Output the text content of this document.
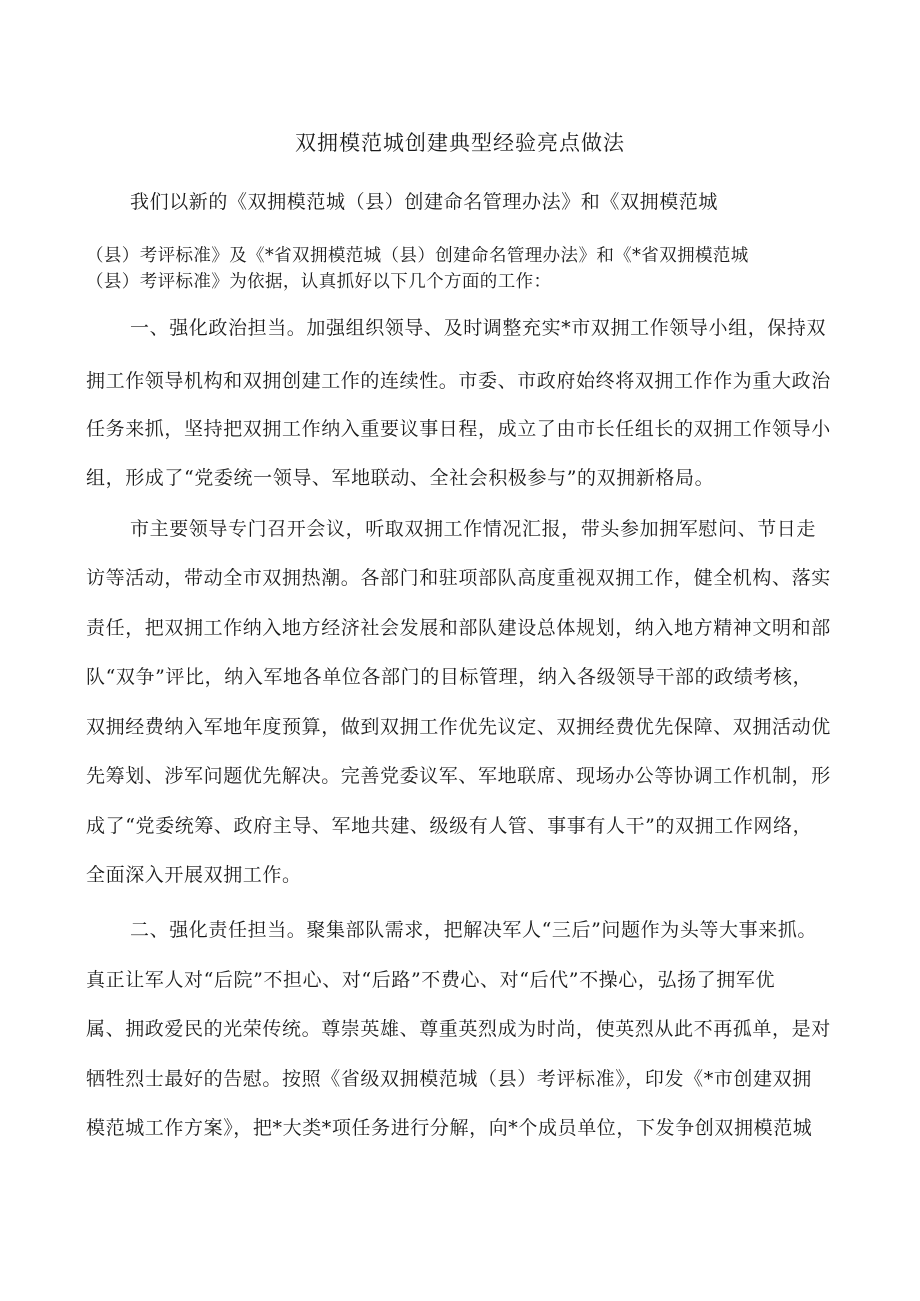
双拥模范城创建典型经验亮点做法
我们以新的《双拥模范城（县）创建命名管理办法》和《双拥模范城
（县）考评标准》及《*省双拥模范城（县）创建命名管理办法》和《*省双拥模范城
（县）考评标准》为依据，认真抓好以下几个方面的工作：
一、强化政治担当。加强组织领导、及时调整充实*市双拥工作领导小组，保持双
拥工作领导机构和双拥创建工作的连续性。市委、市政府始终将双拥工作作为重大政治
任务来抓，坚持把双拥工作纳入重要议事日程，成立了由市长任组长的双拥工作领导小
组，形成了“党委统一领导、军地联动、全社会积极参与”的双拥新格局。
市主要领导专门召开会议，听取双拥工作情况汇报，带头参加拥军慰问、节日走
访等活动，带动全市双拥热潮。各部门和驻项部队高度重视双拥工作，健全机构、落实
责任，把双拥工作纳入地方经济社会发展和部队建设总体规划，纳入地方精神文明和部
队“双争”评比，纳入军地各单位各部门的目标管理，纳入各级领导干部的政绩考核，
双拥经费纳入军地年度预算，做到双拥工作优先议定、双拥经费优先保障、双拥活动优
先筹划、涉军问题优先解决。完善党委议军、军地联席、现场办公等协调工作机制，形
成了“党委统筹、政府主导、军地共建、级级有人管、事事有人干”的双拥工作网络，
全面深入开展双拥工作。
二、强化责任担当。聚集部队需求，把解决军人“三后”问题作为头等大事来抓。
真正让军人对“后院”不担心、对“后路”不费心、对“后代”不操心，弘扬了拥军优
属、拥政爱民的光荣传统。尊崇英雄、尊重英烈成为时尚，使英烈从此不再孤单，是对
牺牲烈士最好的告慰。按照《省级双拥模范城（县）考评标准》，印发《*市创建双拥
模范城工作方案》，把*大类*项任务进行分解，向*个成员单位，下发争创双拥模范城
